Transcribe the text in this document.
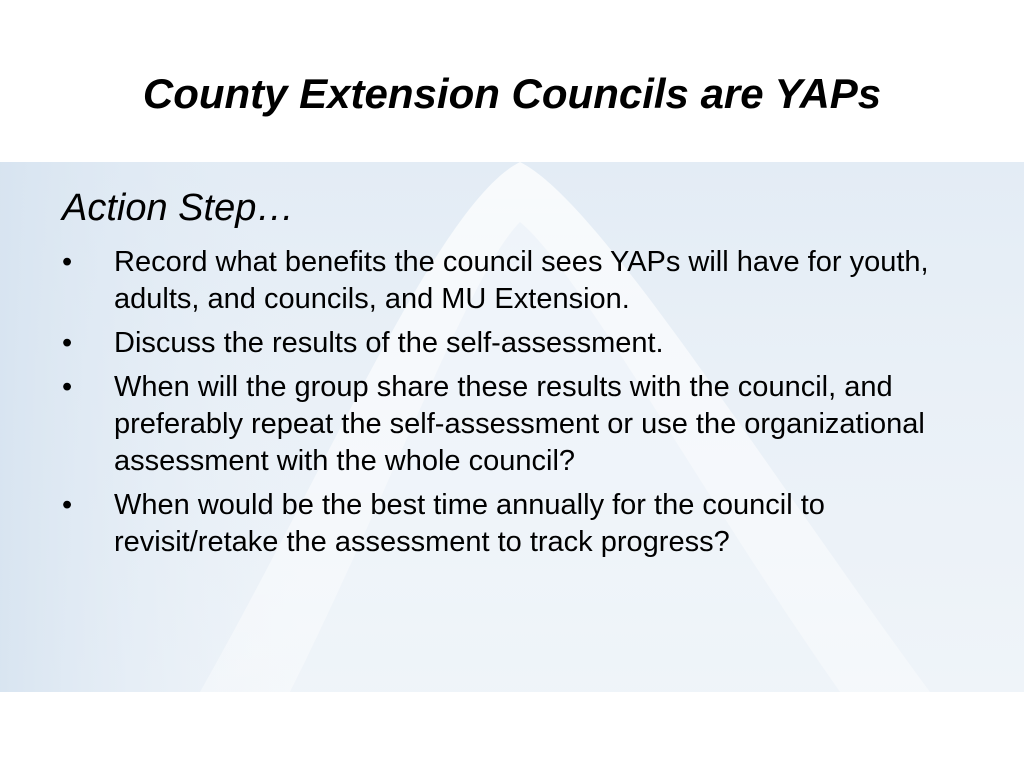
County Extension Councils are YAPs
Action Step…
• Record what benefits the council sees YAPs will have for youth, adults, and councils, and MU Extension.
• Discuss the results of the self-assessment.
• When will the group share these results with the council, and preferably repeat the self-assessment or use the organizational assessment with the whole council?
• When would be the best time annually for the council to revisit/retake the assessment to track progress?
